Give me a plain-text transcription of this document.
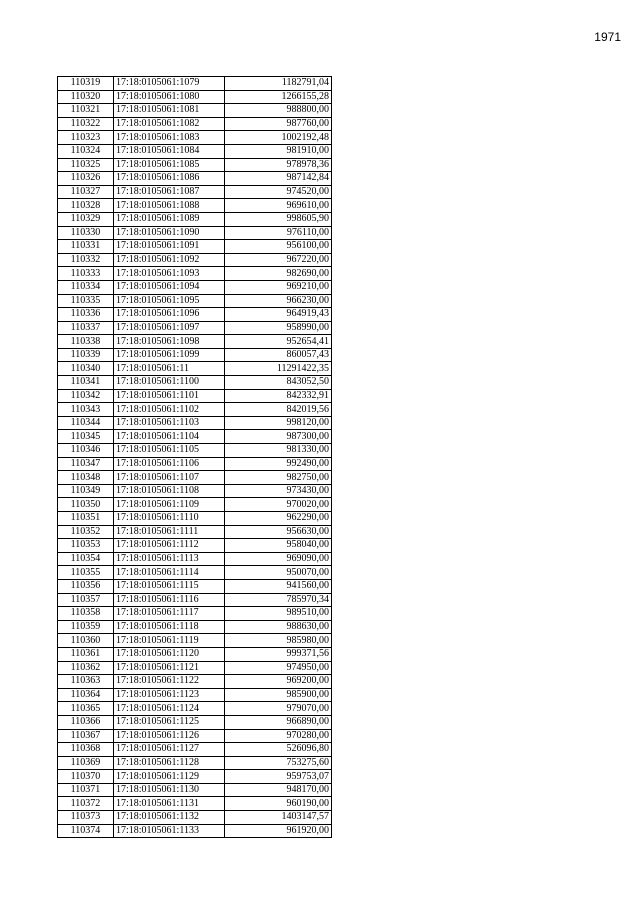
1971
110319	17:18:0105061:1079	1182791,04
110320	17:18:0105061:1080	1266155,28
110321	17:18:0105061:1081	988800,00
110322	17:18:0105061:1082	987760,00
110323	17:18:0105061:1083	1002192,48
110324	17:18:0105061:1084	981910,00
110325	17:18:0105061:1085	978978,36
110326	17:18:0105061:1086	987142,84
110327	17:18:0105061:1087	974520,00
110328	17:18:0105061:1088	969610,00
110329	17:18:0105061:1089	998605,90
110330	17:18:0105061:1090	976110,00
110331	17:18:0105061:1091	956100,00
110332	17:18:0105061:1092	967220,00
110333	17:18:0105061:1093	982690,00
110334	17:18:0105061:1094	969210,00
110335	17:18:0105061:1095	966230,00
110336	17:18:0105061:1096	964919,43
110337	17:18:0105061:1097	958990,00
110338	17:18:0105061:1098	952654,41
110339	17:18:0105061:1099	860057,43
110340	17:18:0105061:11	11291422,35
110341	17:18:0105061:1100	843052,50
110342	17:18:0105061:1101	842332,91
110343	17:18:0105061:1102	842019,56
110344	17:18:0105061:1103	998120,00
110345	17:18:0105061:1104	987300,00
110346	17:18:0105061:1105	981330,00
110347	17:18:0105061:1106	992490,00
110348	17:18:0105061:1107	982750,00
110349	17:18:0105061:1108	973430,00
110350	17:18:0105061:1109	970020,00
110351	17:18:0105061:1110	962290,00
110352	17:18:0105061:1111	956630,00
110353	17:18:0105061:1112	958040,00
110354	17:18:0105061:1113	969090,00
110355	17:18:0105061:1114	950070,00
110356	17:18:0105061:1115	941560,00
110357	17:18:0105061:1116	785970,34
110358	17:18:0105061:1117	989510,00
110359	17:18:0105061:1118	988630,00
110360	17:18:0105061:1119	985980,00
110361	17:18:0105061:1120	999371,56
110362	17:18:0105061:1121	974950,00
110363	17:18:0105061:1122	969200,00
110364	17:18:0105061:1123	985900,00
110365	17:18:0105061:1124	979070,00
110366	17:18:0105061:1125	966890,00
110367	17:18:0105061:1126	970280,00
110368	17:18:0105061:1127	526096,80
110369	17:18:0105061:1128	753275,60
110370	17:18:0105061:1129	959753,07
110371	17:18:0105061:1130	948170,00
110372	17:18:0105061:1131	960190,00
110373	17:18:0105061:1132	1403147,57
110374	17:18:0105061:1133	961920,00
